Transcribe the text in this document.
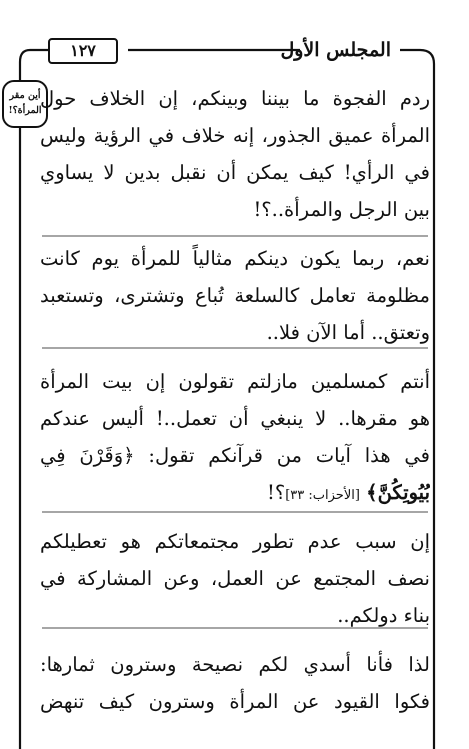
المجلس الأول
١٢٧
أين مقر
المرأة؟!
ردم الفجوة ما بيننا وبينكم، إن الخلاف حول
المرأة عميق الجذور، إنه خلاف في الرؤية وليس
في الرأي! كيف يمكن أن نقبل بدين لا يساوي
بين الرجل والمرأة..؟!
نعم، ربما يكون دينكم مثالياً للمرأة يوم كانت
مظلومة تعامل كالسلعة تُباع وتشترى، وتستعبد
وتعتق.. أما الآن فلا..
أنتم كمسلمين مازلتم تقولون إن بيت المرأة
هو مقرها.. لا ينبغي أن تعمل..! أليس عندكم
في هذا آيات من قرآنكم تقول: ﴿وَقَرْنَ فِي
بُيُوتِكُنَّ﴾ [الأحزاب: ٣٣]؟!
إن سبب عدم تطور مجتمعاتكم هو تعطيلكم
نصف المجتمع عن العمل، وعن المشاركة في
بناء دولكم..
لذا فأنا أسدي لكم نصيحة وسترون ثمارها:
فكوا القيود عن المرأة وسترون كيف تنهض
